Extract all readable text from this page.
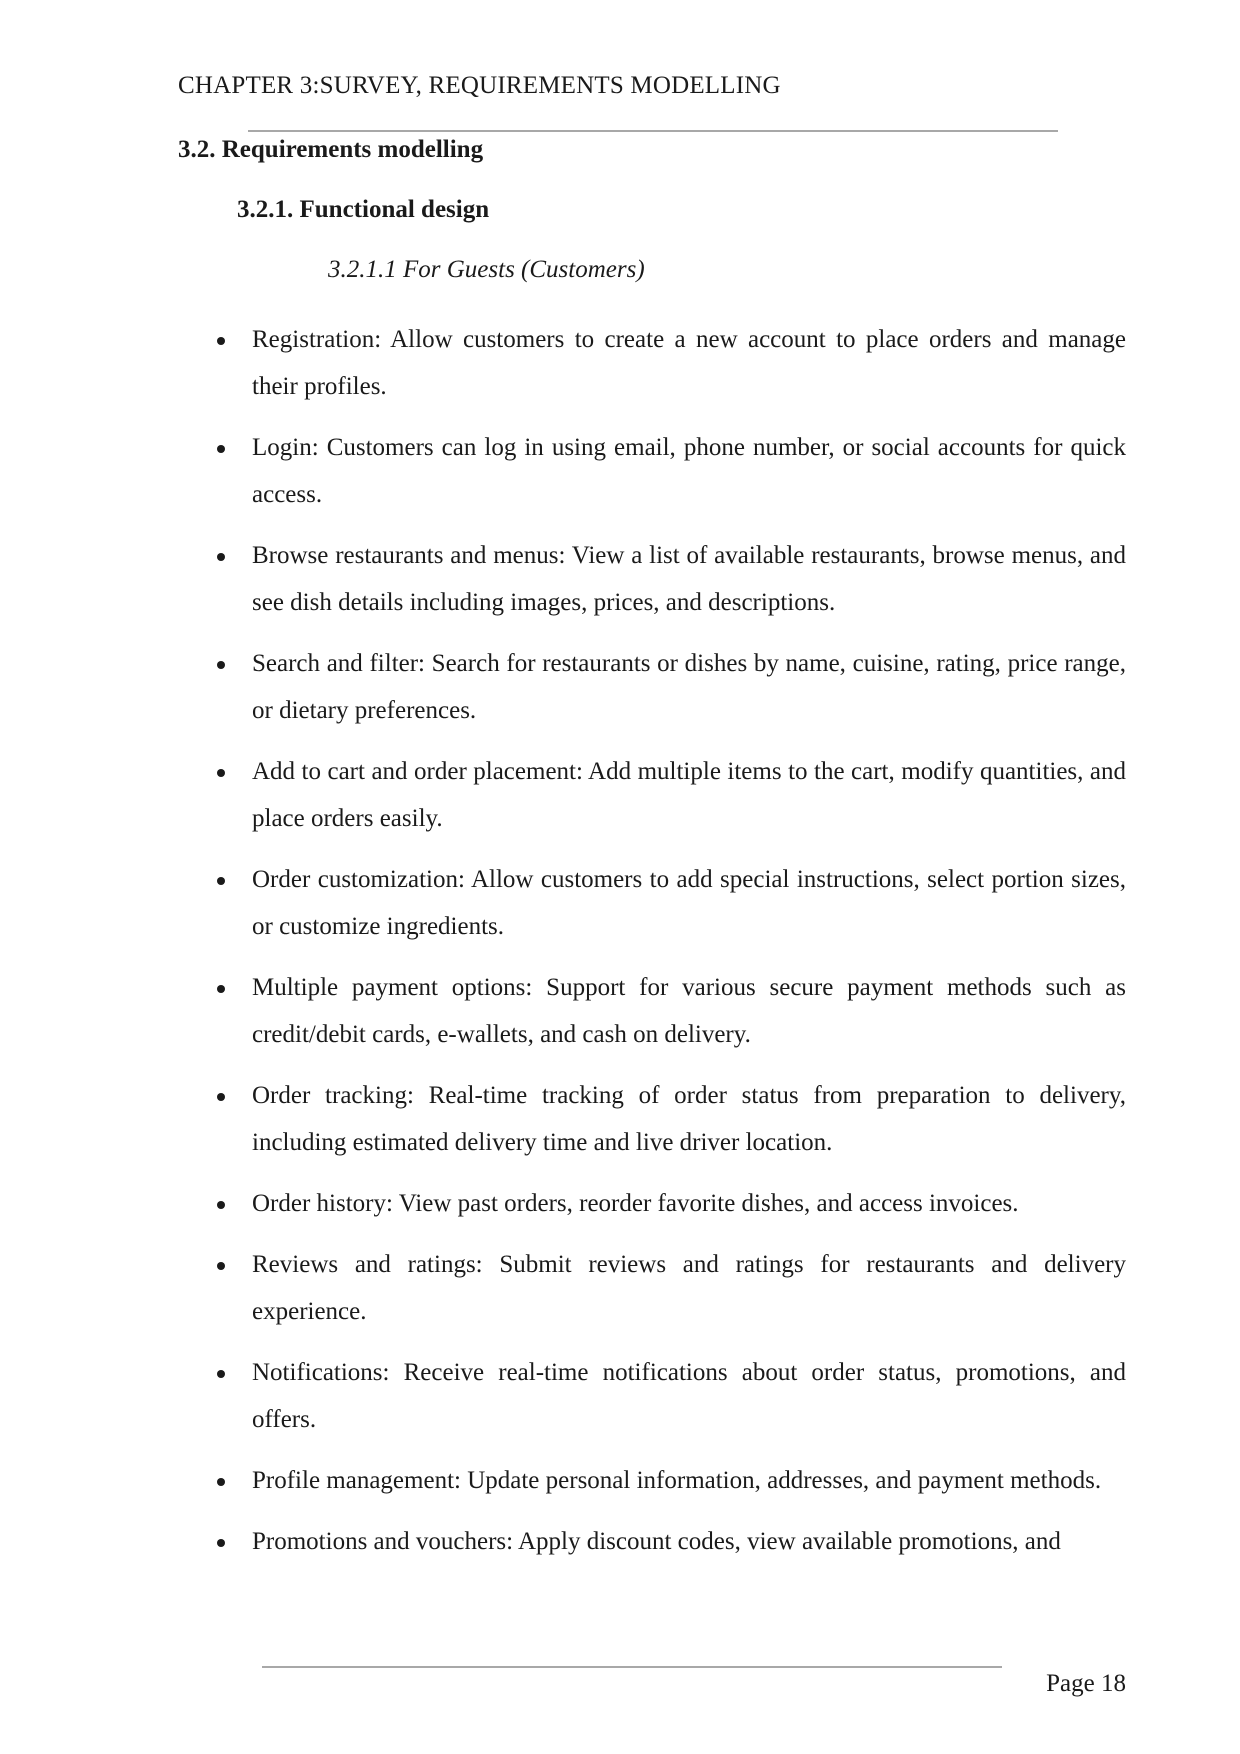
CHAPTER 3:SURVEY, REQUIREMENTS MODELLING
3.2. Requirements modelling
3.2.1. Functional design
3.2.1.1 For Guests (Customers)
Registration: Allow customers to create a new account to place orders and manage their profiles.
Login: Customers can log in using email, phone number, or social accounts for quick access.
Browse restaurants and menus: View a list of available restaurants, browse menus, and see dish details including images, prices, and descriptions.
Search and filter: Search for restaurants or dishes by name, cuisine, rating, price range, or dietary preferences.
Add to cart and order placement: Add multiple items to the cart, modify quantities, and place orders easily.
Order customization: Allow customers to add special instructions, select portion sizes, or customize ingredients.
Multiple payment options: Support for various secure payment methods such as credit/debit cards, e-wallets, and cash on delivery.
Order tracking: Real-time tracking of order status from preparation to delivery, including estimated delivery time and live driver location.
Order history: View past orders, reorder favorite dishes, and access invoices.
Reviews and ratings: Submit reviews and ratings for restaurants and delivery experience.
Notifications: Receive real-time notifications about order status, promotions, and offers.
Profile management: Update personal information, addresses, and payment methods.
Promotions and vouchers: Apply discount codes, view available promotions, and
Page 18
